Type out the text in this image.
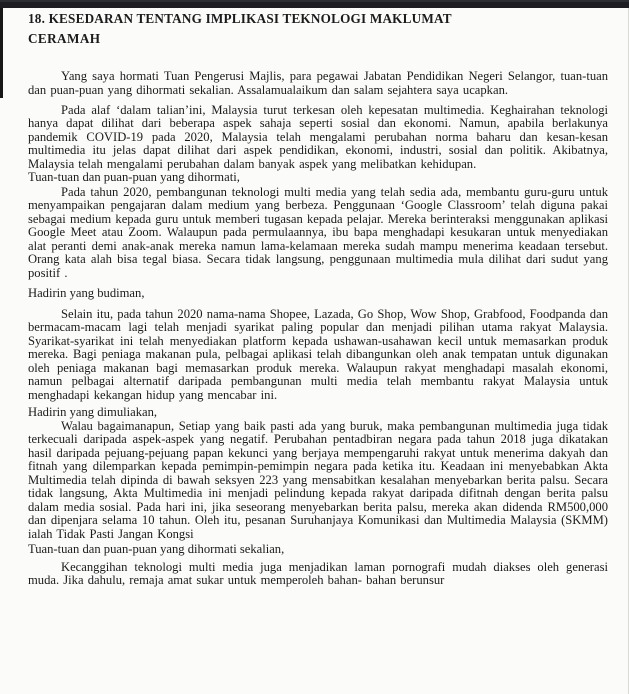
18. KESEDARAN TENTANG IMPLIKASI TEKNOLOGI MAKLUMAT
CERAMAH

Yang saya hormati Tuan Pengerusi Majlis, para pegawai Jabatan Pendidikan Negeri Selangor, tuan-tuan dan puan-puan yang dihormati sekalian. Assalamualaikum dan salam sejahtera saya ucapkan.

Pada alaf ‘dalam talian’ini, Malaysia turut terkesan oleh kepesatan multimedia. Keghairahan teknologi hanya dapat dilihat dari beberapa aspek sahaja seperti sosial dan ekonomi. Namun, apabila berlakunya pandemik COVID-19 pada 2020, Malaysia telah mengalami perubahan norma baharu dan kesan-kesan multimedia itu jelas dapat dilihat dari aspek pendidikan, ekonomi, industri, sosial dan politik. Akibatnya, Malaysia telah mengalami perubahan dalam banyak aspek yang melibatkan kehidupan.

Tuan-tuan dan puan-puan yang dihormati,

Pada tahun 2020, pembangunan teknologi multi media yang telah sedia ada, membantu guru-guru untuk menyampaikan pengajaran dalam medium yang berbeza. Penggunaan ‘Google Classroom’ telah diguna pakai sebagai medium kepada guru untuk memberi tugasan kepada pelajar. Mereka berinteraksi menggunakan aplikasi Google Meet atau Zoom. Walaupun pada permulaannya, ibu bapa menghadapi kesukaran untuk menyediakan alat peranti demi anak-anak mereka namun lama-kelamaan mereka sudah mampu menerima keadaan tersebut. Orang kata alah bisa tegal biasa. Secara tidak langsung, penggunaan multimedia mula dilihat dari sudut yang positif .

Hadirin yang budiman,

Selain itu, pada tahun 2020 nama-nama Shopee, Lazada, Go Shop, Wow Shop, Grabfood, Foodpanda dan bermacam-macam lagi telah menjadi syarikat paling popular dan menjadi pilihan utama rakyat Malaysia. Syarikat-syarikat ini telah menyediakan platform kepada ushawan-usahawan kecil untuk memasarkan produk mereka. Bagi peniaga makanan pula, pelbagai aplikasi telah dibangunkan oleh anak tempatan untuk digunakan oleh peniaga makanan bagi memasarkan produk mereka. Walaupun rakyat menghadapi masalah ekonomi, namun pelbagai alternatif daripada pembangunan multi media telah membantu rakyat Malaysia untuk menghadapi kekangan hidup yang mencabar ini.

Hadirin yang dimuliakan,

Walau bagaimanapun, Setiap yang baik pasti ada yang buruk, maka pembangunan multimedia juga tidak terkecuali daripada aspek-aspek yang negatif. Perubahan pentadbiran negara pada tahun 2018 juga dikatakan hasil daripada pejuang-pejuang papan kekunci yang berjaya mempengaruhi rakyat untuk menerima dakyah dan fitnah yang dilemparkan kepada pemimpin-pemimpin negara pada ketika itu. Keadaan ini menyebabkan Akta Multimedia telah dipinda di bawah seksyen 223 yang mensabitkan kesalahan menyebarkan berita palsu. Secara tidak langsung, Akta Multimedia ini menjadi pelindung kepada rakyat daripada difitnah dengan berita palsu dalam media sosial. Pada hari ini, jika seseorang menyebarkan berita palsu, mereka akan didenda RM500,000 dan dipenjara selama 10 tahun. Oleh itu, pesanan Suruhanjaya Komunikasi dan Multimedia Malaysia (SKMM) ialah Tidak Pasti Jangan Kongsi

Tuan-tuan dan puan-puan yang dihormati sekalian,

Kecanggihan teknologi multi media juga menjadikan laman pornografi mudah diakses oleh generasi muda. Jika dahulu, remaja amat sukar untuk memperoleh bahan- bahan berunsur
